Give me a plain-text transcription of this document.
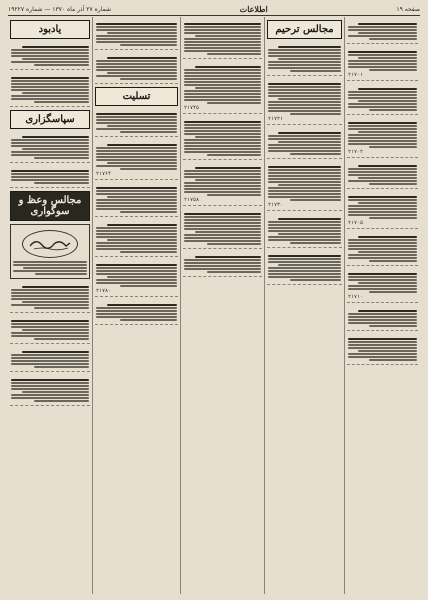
صفحه ۱۹
اطلاعات
شماره ۲۷ آذر ماه ۱۳۷۰ — شماره ۱۹۲۲۷
۲۱۷۰۱
۲۱۷۰۲
۲۱۷۰۵
۲۱۷۱۰
مجالس ترحیم
۲۱۷۲۱
۲۱۷۳۰
۲۱۷۴۵
۲۱۷۵۸
تسلیت
۲۱۷۶۴
۲۱۷۸۰
یادبود
سپاسگزاری
مجالس وعظ و سوگواری
